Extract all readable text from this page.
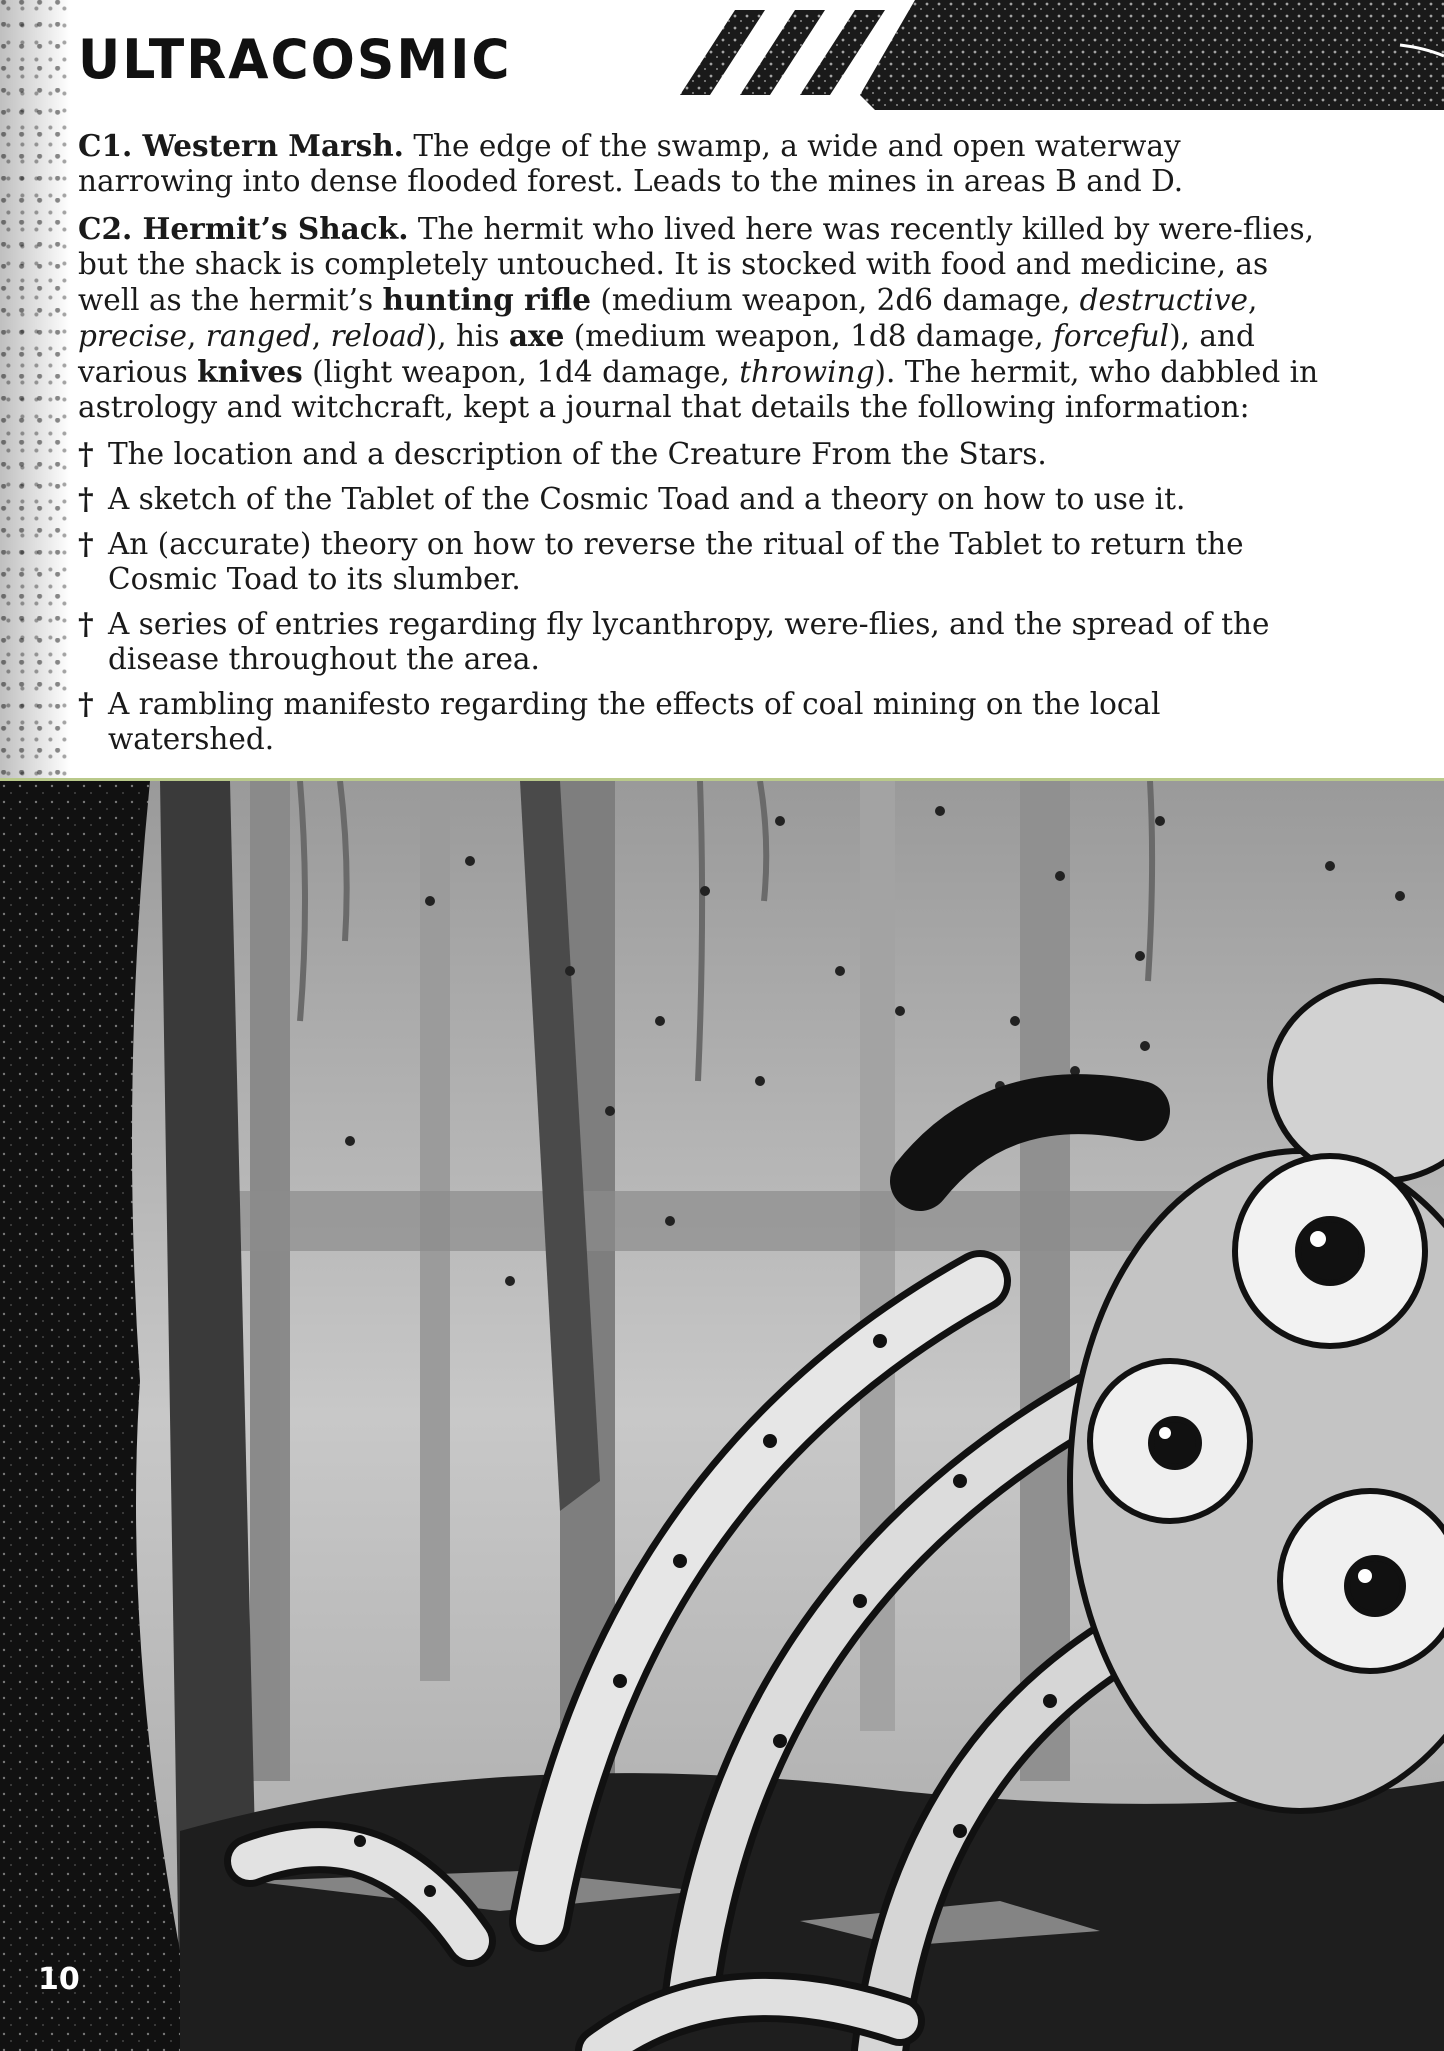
ULTRACOSMIC

C1. Western Marsh. The edge of the swamp, a wide and open waterway narrowing into dense flooded forest. Leads to the mines in areas B and D.

C2. Hermit’s Shack. The hermit who lived here was recently killed by were-flies, but the shack is completely untouched. It is stocked with food and medicine, as well as the hermit’s hunting rifle (medium weapon, 2d6 damage, destructive, precise, ranged, reload), his axe (medium weapon, 1d8 damage, forceful), and various knives (light weapon, 1d4 damage, throwing). The hermit, who dabbled in astrology and witchcraft, kept a journal that details the following information:

† The location and a description of the Creature From the Stars.
† A sketch of the Tablet of the Cosmic Toad and a theory on how to use it.
† An (accurate) theory on how to reverse the ritual of the Tablet to return the Cosmic Toad to its slumber.
† A series of entries regarding fly lycanthropy, were-flies, and the spread of the disease throughout the area.
† A rambling manifesto regarding the effects of coal mining on the local watershed.
10
